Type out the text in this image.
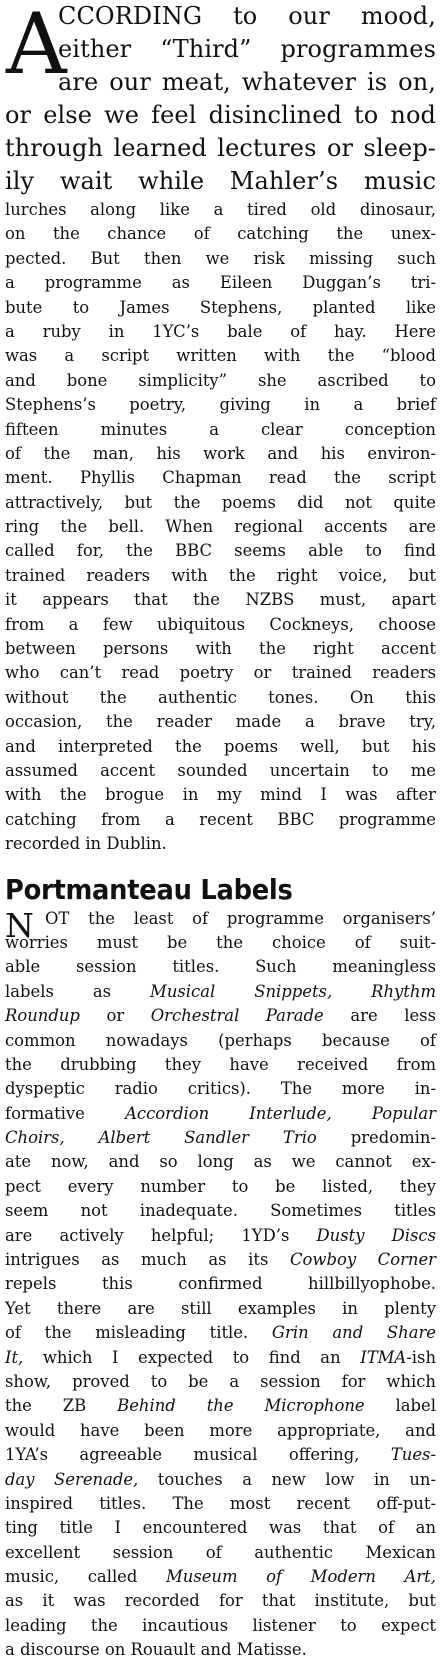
A
CCORDING to our mood,
either “Third” programmes
are our meat, whatever is on,
or else we feel disinclined to nod
through learned lectures or sleep-
ily wait while Mahler’s music
lurches along like a tired old dinosaur,
on the chance of catching the unex-
pected. But then we risk missing such
a programme as Eileen Duggan’s tri-
bute to James Stephens, planted like
a ruby in 1YC’s bale of hay. Here
was a script written with the “blood
and bone simplicity” she ascribed to
Stephens’s poetry, giving in a brief
fifteen minutes a clear conception
of the man, his work and his environ-
ment. Phyllis Chapman read the script
attractively, but the poems did not quite
ring the bell. When regional accents are
called for, the BBC seems able to find
trained readers with the right voice, but
it appears that the NZBS must, apart
from a few ubiquitous Cockneys, choose
between persons with the right accent
who can’t read poetry or trained readers
without the authentic tones. On this
occasion, the reader made a brave try,
and interpreted the poems well, but his
assumed accent sounded uncertain to me
with the brogue in my mind I was after
catching from a recent BBC programme
recorded in Dublin.
Portmanteau Labels
N OT the least of programme organisers’
worries must be the choice of suit-
able session titles. Such meaningless
labels as Musical Snippets, Rhythm
Roundup or Orchestral Parade are less
common nowadays (perhaps because of
the drubbing they have received from
dyspeptic radio critics). The more in-
formative Accordion Interlude, Popular
Choirs, Albert Sandler Trio predomin-
ate now, and so long as we cannot ex-
pect every number to be listed, they
seem not inadequate. Sometimes titles
are actively helpful; 1YD’s Dusty Discs
intrigues as much as its Cowboy Corner
repels this confirmed hillbillyophobe.
Yet there are still examples in plenty
of the misleading title. Grin and Share
It, which I expected to find an ITMA-ish
show, proved to be a session for which
the ZB Behind the Microphone label
would have been more appropriate, and
1YA’s agreeable musical offering, Tues-
day Serenade, touches a new low in un-
inspired titles. The most recent off-put-
ting title I encountered was that of an
excellent session of authentic Mexican
music, called Museum of Modern Art,
as it was recorded for that institute, but
leading the incautious listener to expect
a discourse on Rouault and Matisse.
